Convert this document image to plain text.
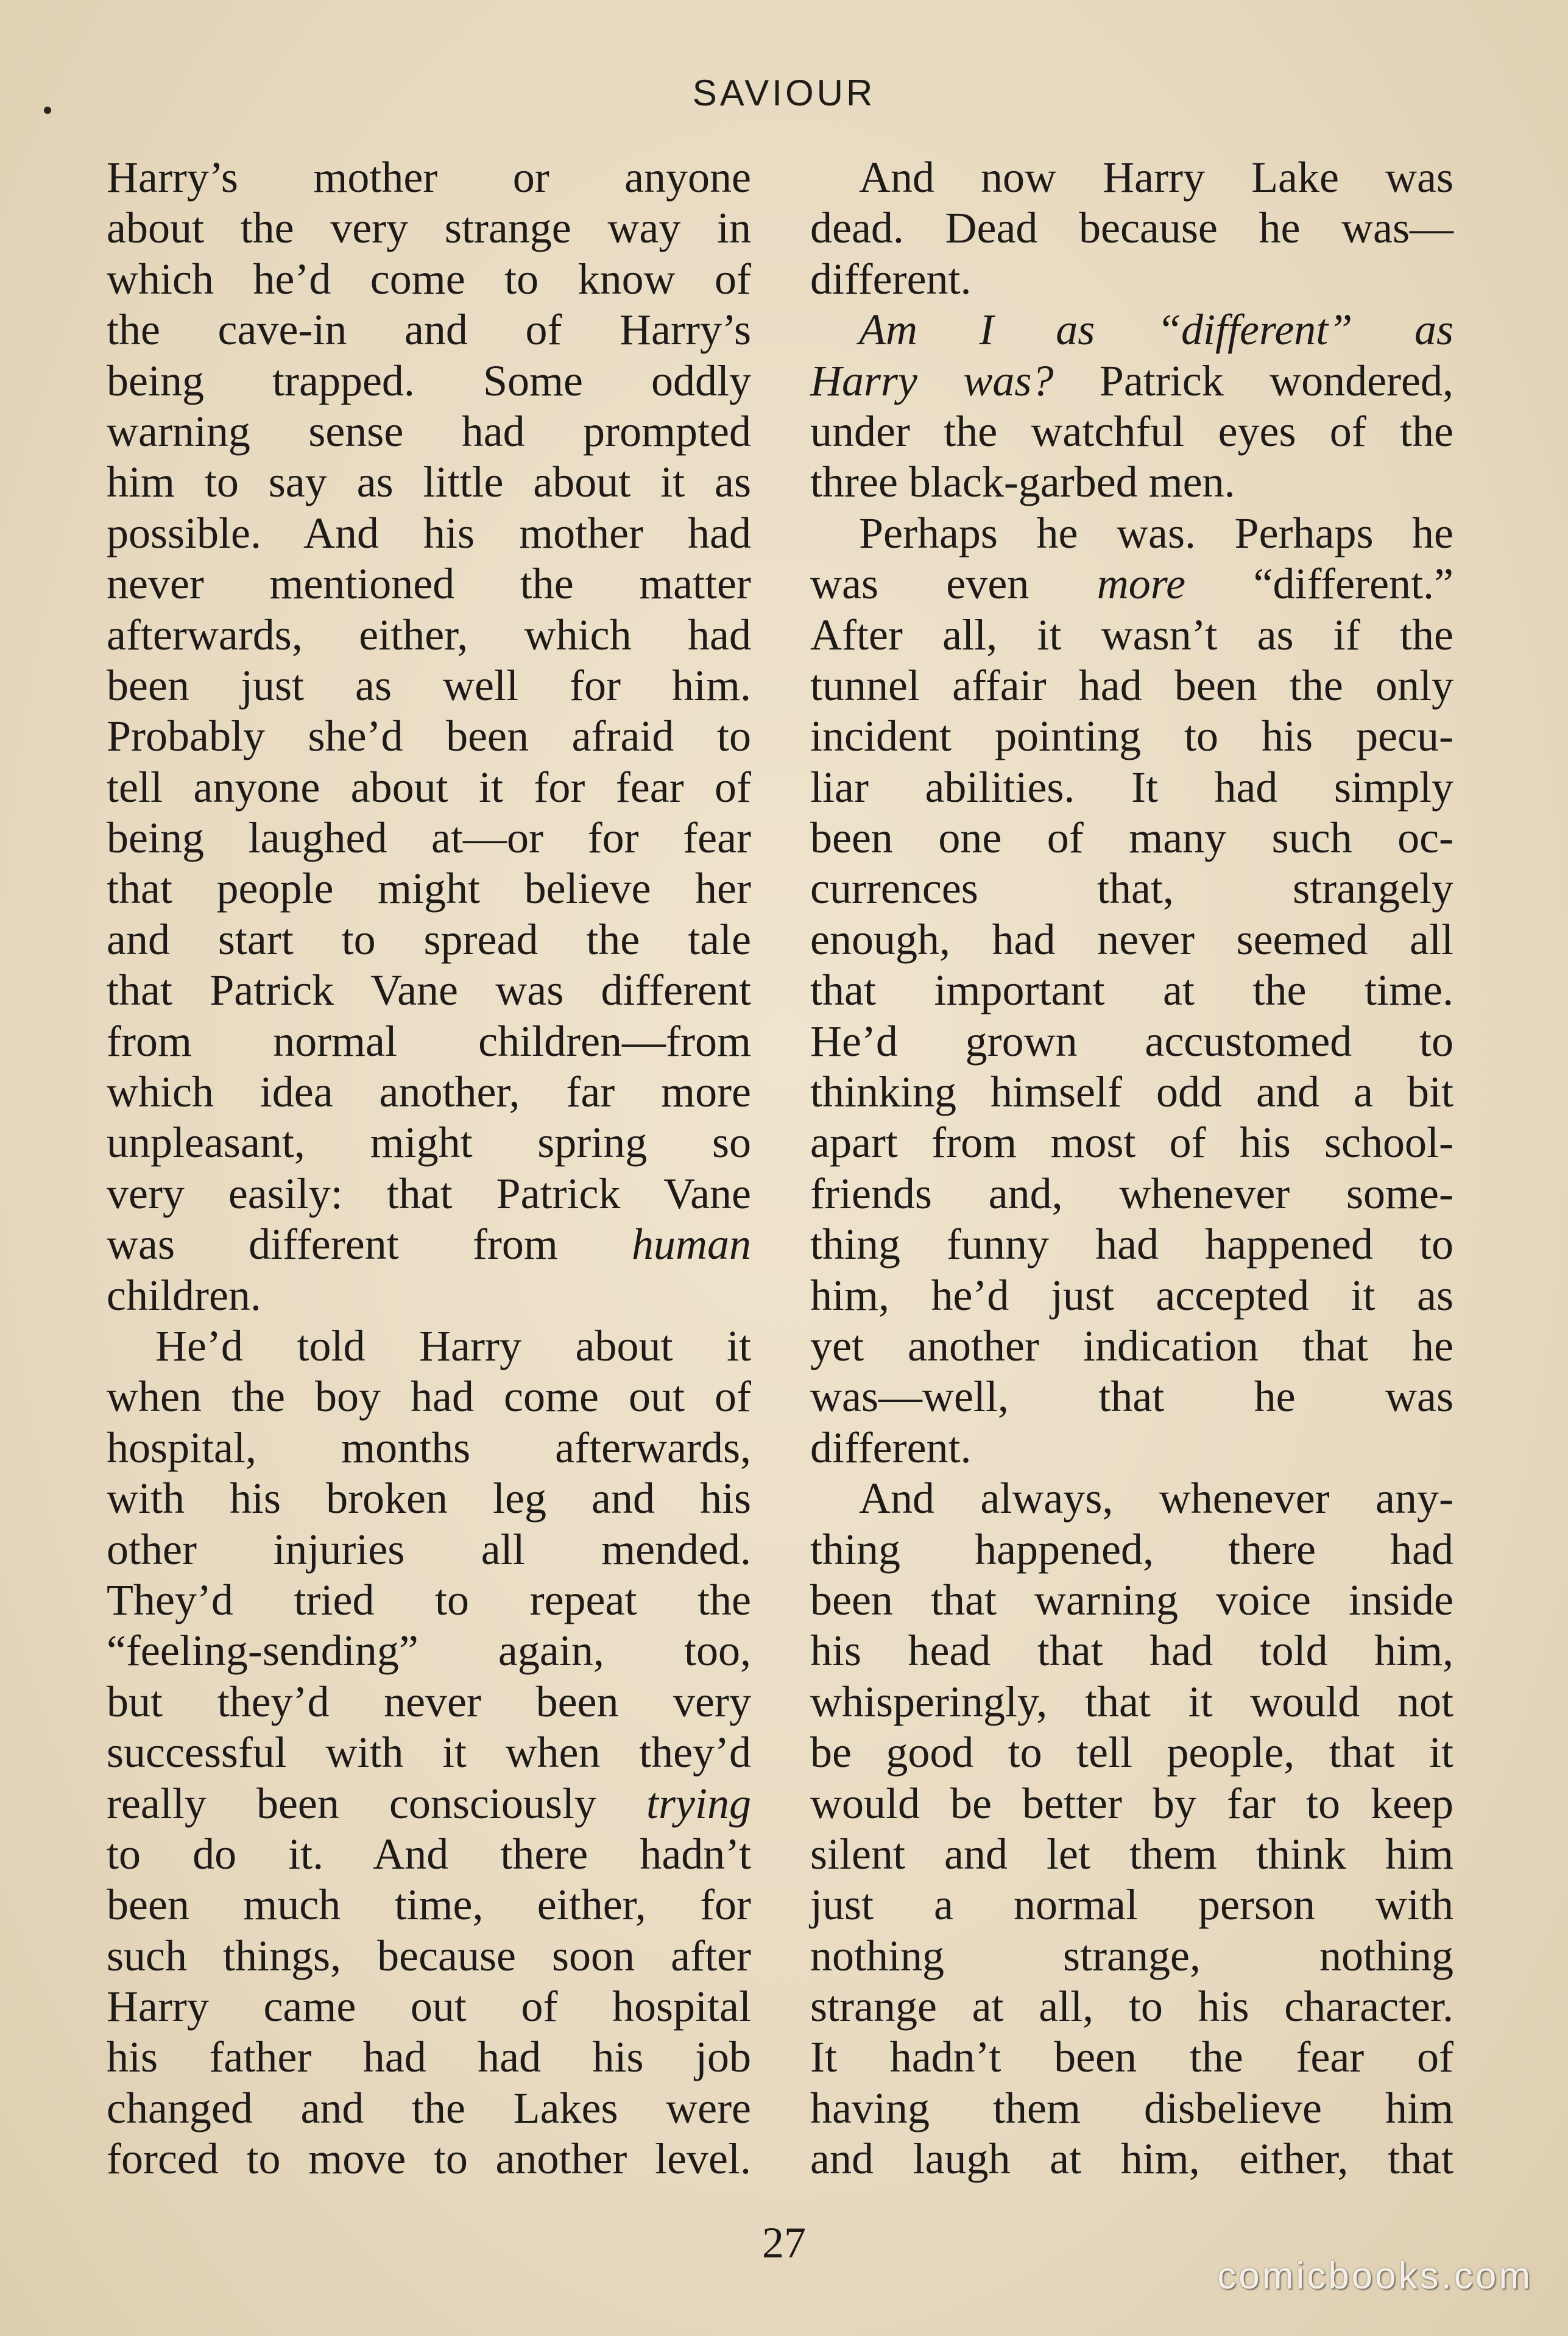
SAVIOUR
Harry’s mother or anyone
about the very strange way in
which he’d come to know of
the cave-in and of Harry’s
being trapped. Some oddly
warning sense had prompted
him to say as little about it as
possible. And his mother had
never mentioned the matter
afterwards, either, which had
been just as well for him.
Probably she’d been afraid to
tell anyone about it for fear of
being laughed at—or for fear
that people might believe her
and start to spread the tale
that Patrick Vane was different
from normal children—from
which idea another, far more
unpleasant, might spring so
very easily: that Patrick Vane
was different from human
children.
He’d told Harry about it
when the boy had come out of
hospital, months afterwards,
with his broken leg and his
other injuries all mended.
They’d tried to repeat the
“feeling-sending” again, too,
but they’d never been very
successful with it when they’d
really been consciously trying
to do it. And there hadn’t
been much time, either, for
such things, because soon after
Harry came out of hospital
his father had had his job
changed and the Lakes were
forced to move to another level.
And now Harry Lake was
dead. Dead because he was—
different.
Am I as “different” as
Harry was? Patrick wondered,
under the watchful eyes of the
three black-garbed men.
Perhaps he was. Perhaps he
was even more “different.”
After all, it wasn’t as if the
tunnel affair had been the only
incident pointing to his pecu-
liar abilities. It had simply
been one of many such oc-
currences that, strangely
enough, had never seemed all
that important at the time.
He’d grown accustomed to
thinking himself odd and a bit
apart from most of his school-
friends and, whenever some-
thing funny had happened to
him, he’d just accepted it as
yet another indication that he
was—well, that he was
different.
And always, whenever any-
thing happened, there had
been that warning voice inside
his head that had told him,
whisperingly, that it would not
be good to tell people, that it
would be better by far to keep
silent and let them think him
just a normal person with
nothing strange, nothing
strange at all, to his character.
It hadn’t been the fear of
having them disbelieve him
and laugh at him, either, that
27
comicbooks.com
